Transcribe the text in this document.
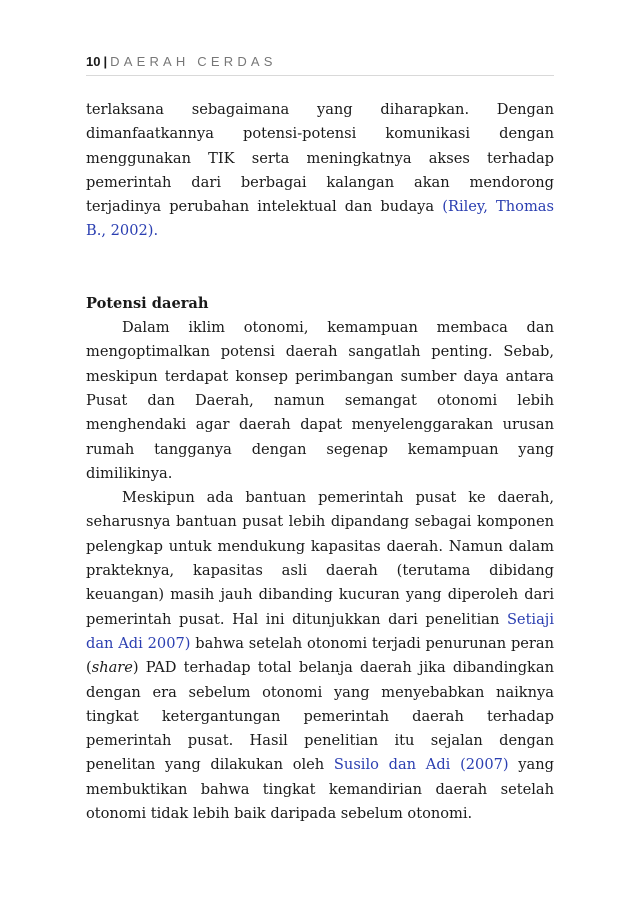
10 | DAERAH CERDAS

terlaksana sebagaimana yang diharapkan. Dengan dimanfaatkannya potensi-potensi komunikasi dengan menggunakan TIK serta meningkatnya akses terhadap pemerintah dari berbagai kalangan akan mendorong terjadinya perubahan intelektual dan budaya (Riley, Thomas B., 2002).

Potensi daerah

Dalam iklim otonomi, kemampuan membaca dan mengoptimalkan potensi daerah sangatlah penting. Sebab, meskipun terdapat konsep perimbangan sumber daya antara Pusat dan Daerah, namun semangat otonomi lebih menghendaki agar daerah dapat menyelenggarakan urusan rumah tangganya dengan segenap kemampuan yang dimilikinya.

Meskipun ada bantuan pemerintah pusat ke daerah, seharusnya bantuan pusat lebih dipandang sebagai komponen pelengkap untuk mendukung kapasitas daerah. Namun dalam prakteknya, kapasitas asli daerah (terutama dibidang keuangan) masih jauh dibanding kucuran yang diperoleh dari pemerintah pusat. Hal ini ditunjukkan dari penelitian Setiaji dan Adi 2007) bahwa setelah otonomi terjadi penurunan peran (share) PAD terhadap total belanja daerah jika dibandingkan dengan era sebelum otonomi yang menyebabkan naiknya tingkat ketergantungan pemerintah daerah terhadap pemerintah pusat. Hasil penelitian itu sejalan dengan penelitan yang dilakukan oleh Susilo dan Adi (2007) yang membuktikan bahwa tingkat kemandirian daerah setelah otonomi tidak lebih baik daripada sebelum otonomi.
